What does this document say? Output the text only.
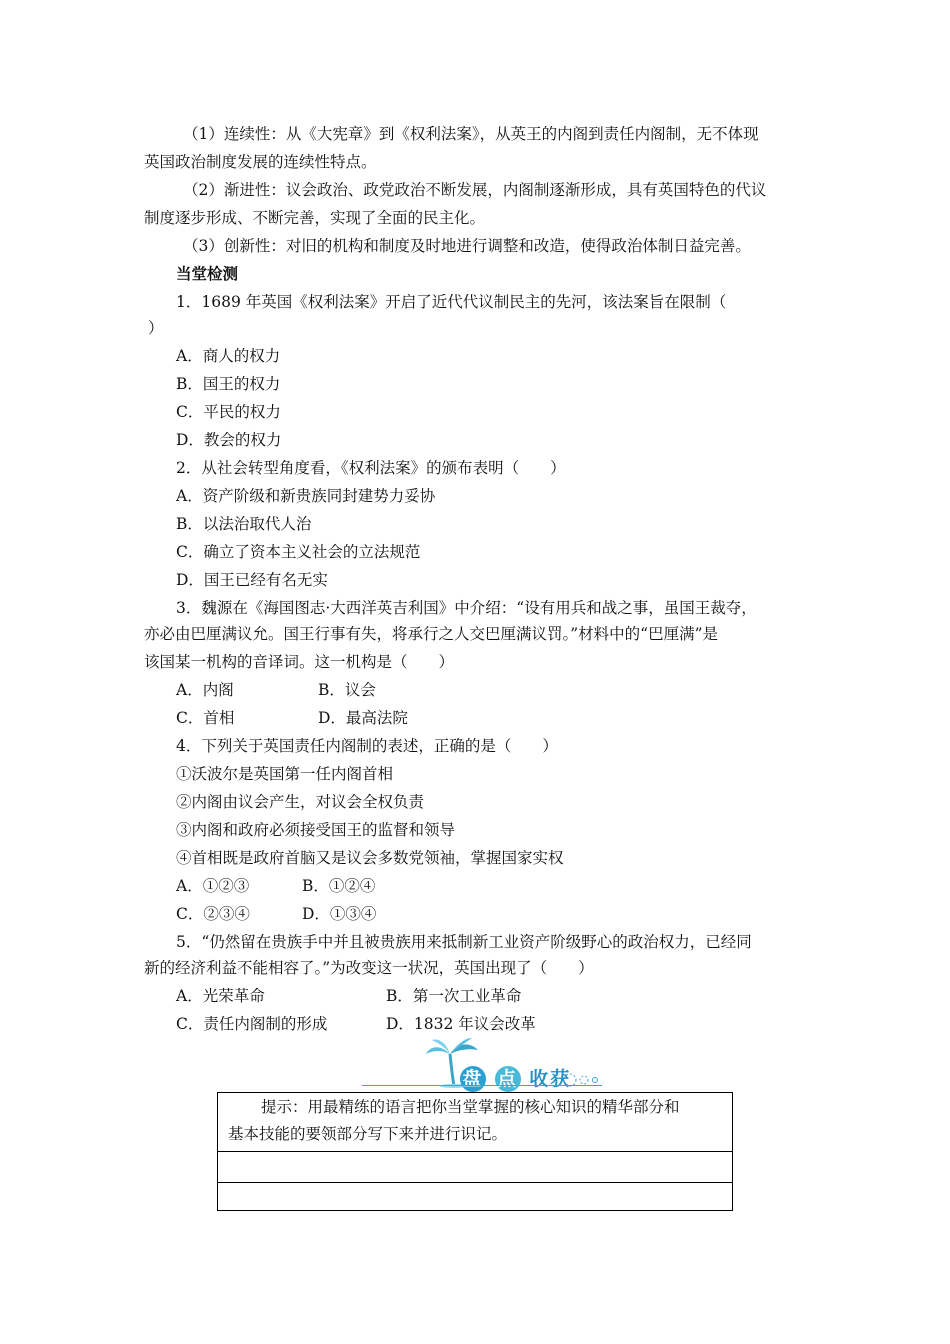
（1）连续性：从《大宪章》到《权利法案》，从英王的内阁到责任内阁制，无不体现
英国政治制度发展的连续性特点。
（2）渐进性：议会政治、政党政治不断发展，内阁制逐渐形成，具有英国特色的代议
制度逐步形成、不断完善，实现了全面的民主化。
（3）创新性：对旧的机构和制度及时地进行调整和改造，使得政治体制日益完善。
当堂检测
1．1689 年英国《权利法案》开启了近代代议制民主的先河，该法案旨在限制（
）
A．商人的权力
B．国王的权力
C．平民的权力
D．教会的权力
2．从社会转型角度看，《权利法案》的颁布表明（　　）
A．资产阶级和新贵族同封建势力妥协
B．以法治取代人治
C．确立了资本主义社会的立法规范
D．国王已经有名无实
3．魏源在《海国图志·大西洋英吉利国》中介绍：“设有用兵和战之事，虽国王裁夺，
亦必由巴厘满议允。国王行事有失，将承行之人交巴厘满议罚。”材料中的“巴厘满”是
该国某一机构的音译词。这一机构是（　　）
A．内阁	B．议会
C．首相	D．最高法院
4．下列关于英国责任内阁制的表述，正确的是（　　）
①沃波尔是英国第一任内阁首相
②内阁由议会产生，对议会全权负责
③内阁和政府必须接受国王的监督和领导
④首相既是政府首脑又是议会多数党领袖，掌握国家实权
A．①②③	B．①②④
C．②③④	D．①③④
5．“仍然留在贵族手中并且被贵族用来抵制新工业资产阶级野心的政治权力，已经同
新的经济利益不能相容了。”为改变这一状况，英国出现了（　　）
A．光荣革命	B．第一次工业革命
C．责任内阁制的形成	D．1832 年议会改革
盘 点 收获
提示：用最精练的语言把你当堂掌握的核心知识的精华部分和
基本技能的要领部分写下来并进行识记。
